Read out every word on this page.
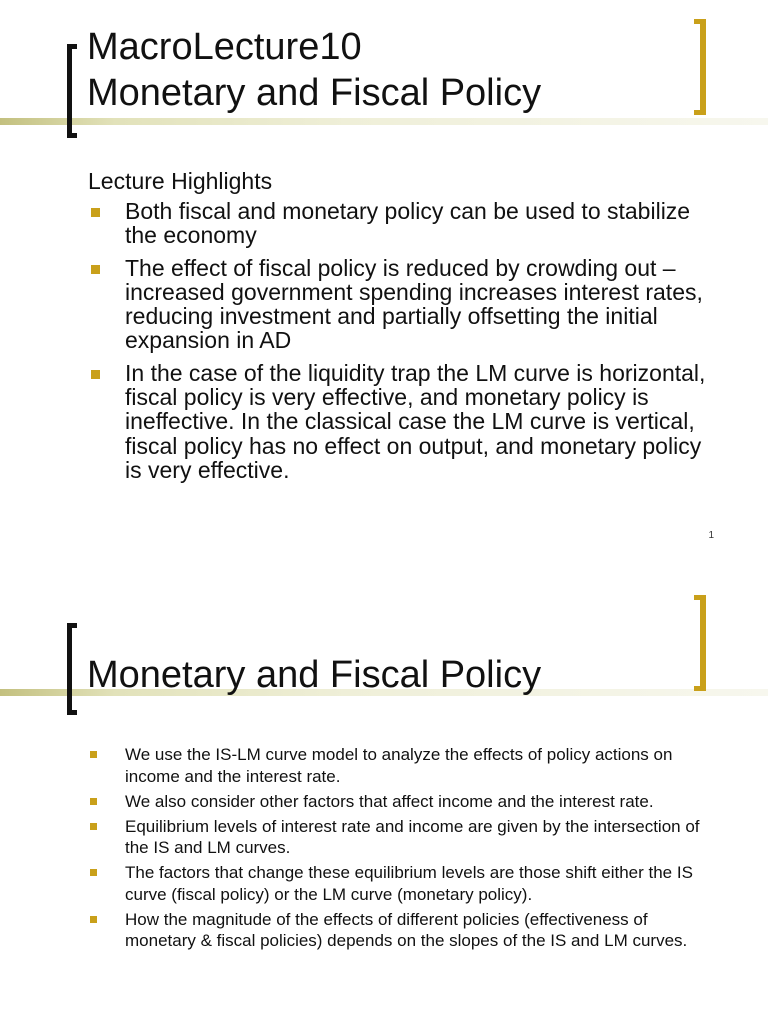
MacroLecture10
Monetary and Fiscal Policy
Lecture Highlights
Both fiscal and monetary policy can be used to stabilize the economy
The effect of fiscal policy is reduced by crowding out – increased government spending increases interest rates, reducing investment and partially offsetting the initial expansion in AD
In the case of the liquidity trap the LM curve is horizontal, fiscal policy is very effective, and monetary policy is ineffective. In the classical case the LM curve is vertical, fiscal policy has no effect on output, and monetary policy is very effective.
1
Monetary and Fiscal Policy
We use the IS-LM curve model to analyze the effects of policy actions on income and the interest rate.
We also consider other factors that affect income and the interest rate.
Equilibrium levels of interest rate and income are given by the intersection of the IS and LM curves.
The factors that change these equilibrium levels are those shift either the IS curve (fiscal policy) or the LM curve (monetary policy).
How the magnitude of the effects of different policies (effectiveness of monetary & fiscal policies) depends on the slopes of the IS and LM curves.
